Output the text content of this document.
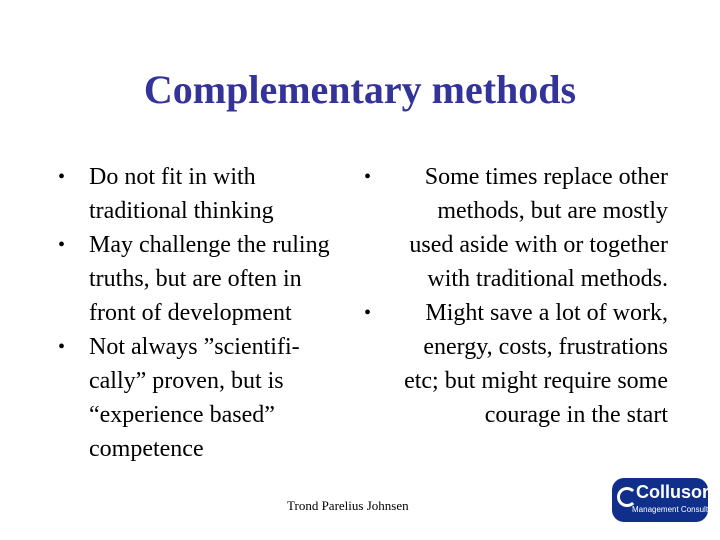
Complementary methods
• Do not fit in with traditional thinking
• May challenge the ruling truths, but are often in front of development
• Not always ”scientifi-cally” proven, but is “experience based” competence
• Some times replace other methods, but are mostly used aside with or together with traditional methods.
• Might save a lot of work, energy, costs, frustrations etc; but might require some courage in the start
Trond Parelius Johnsen
Collusor
Management Consulting
